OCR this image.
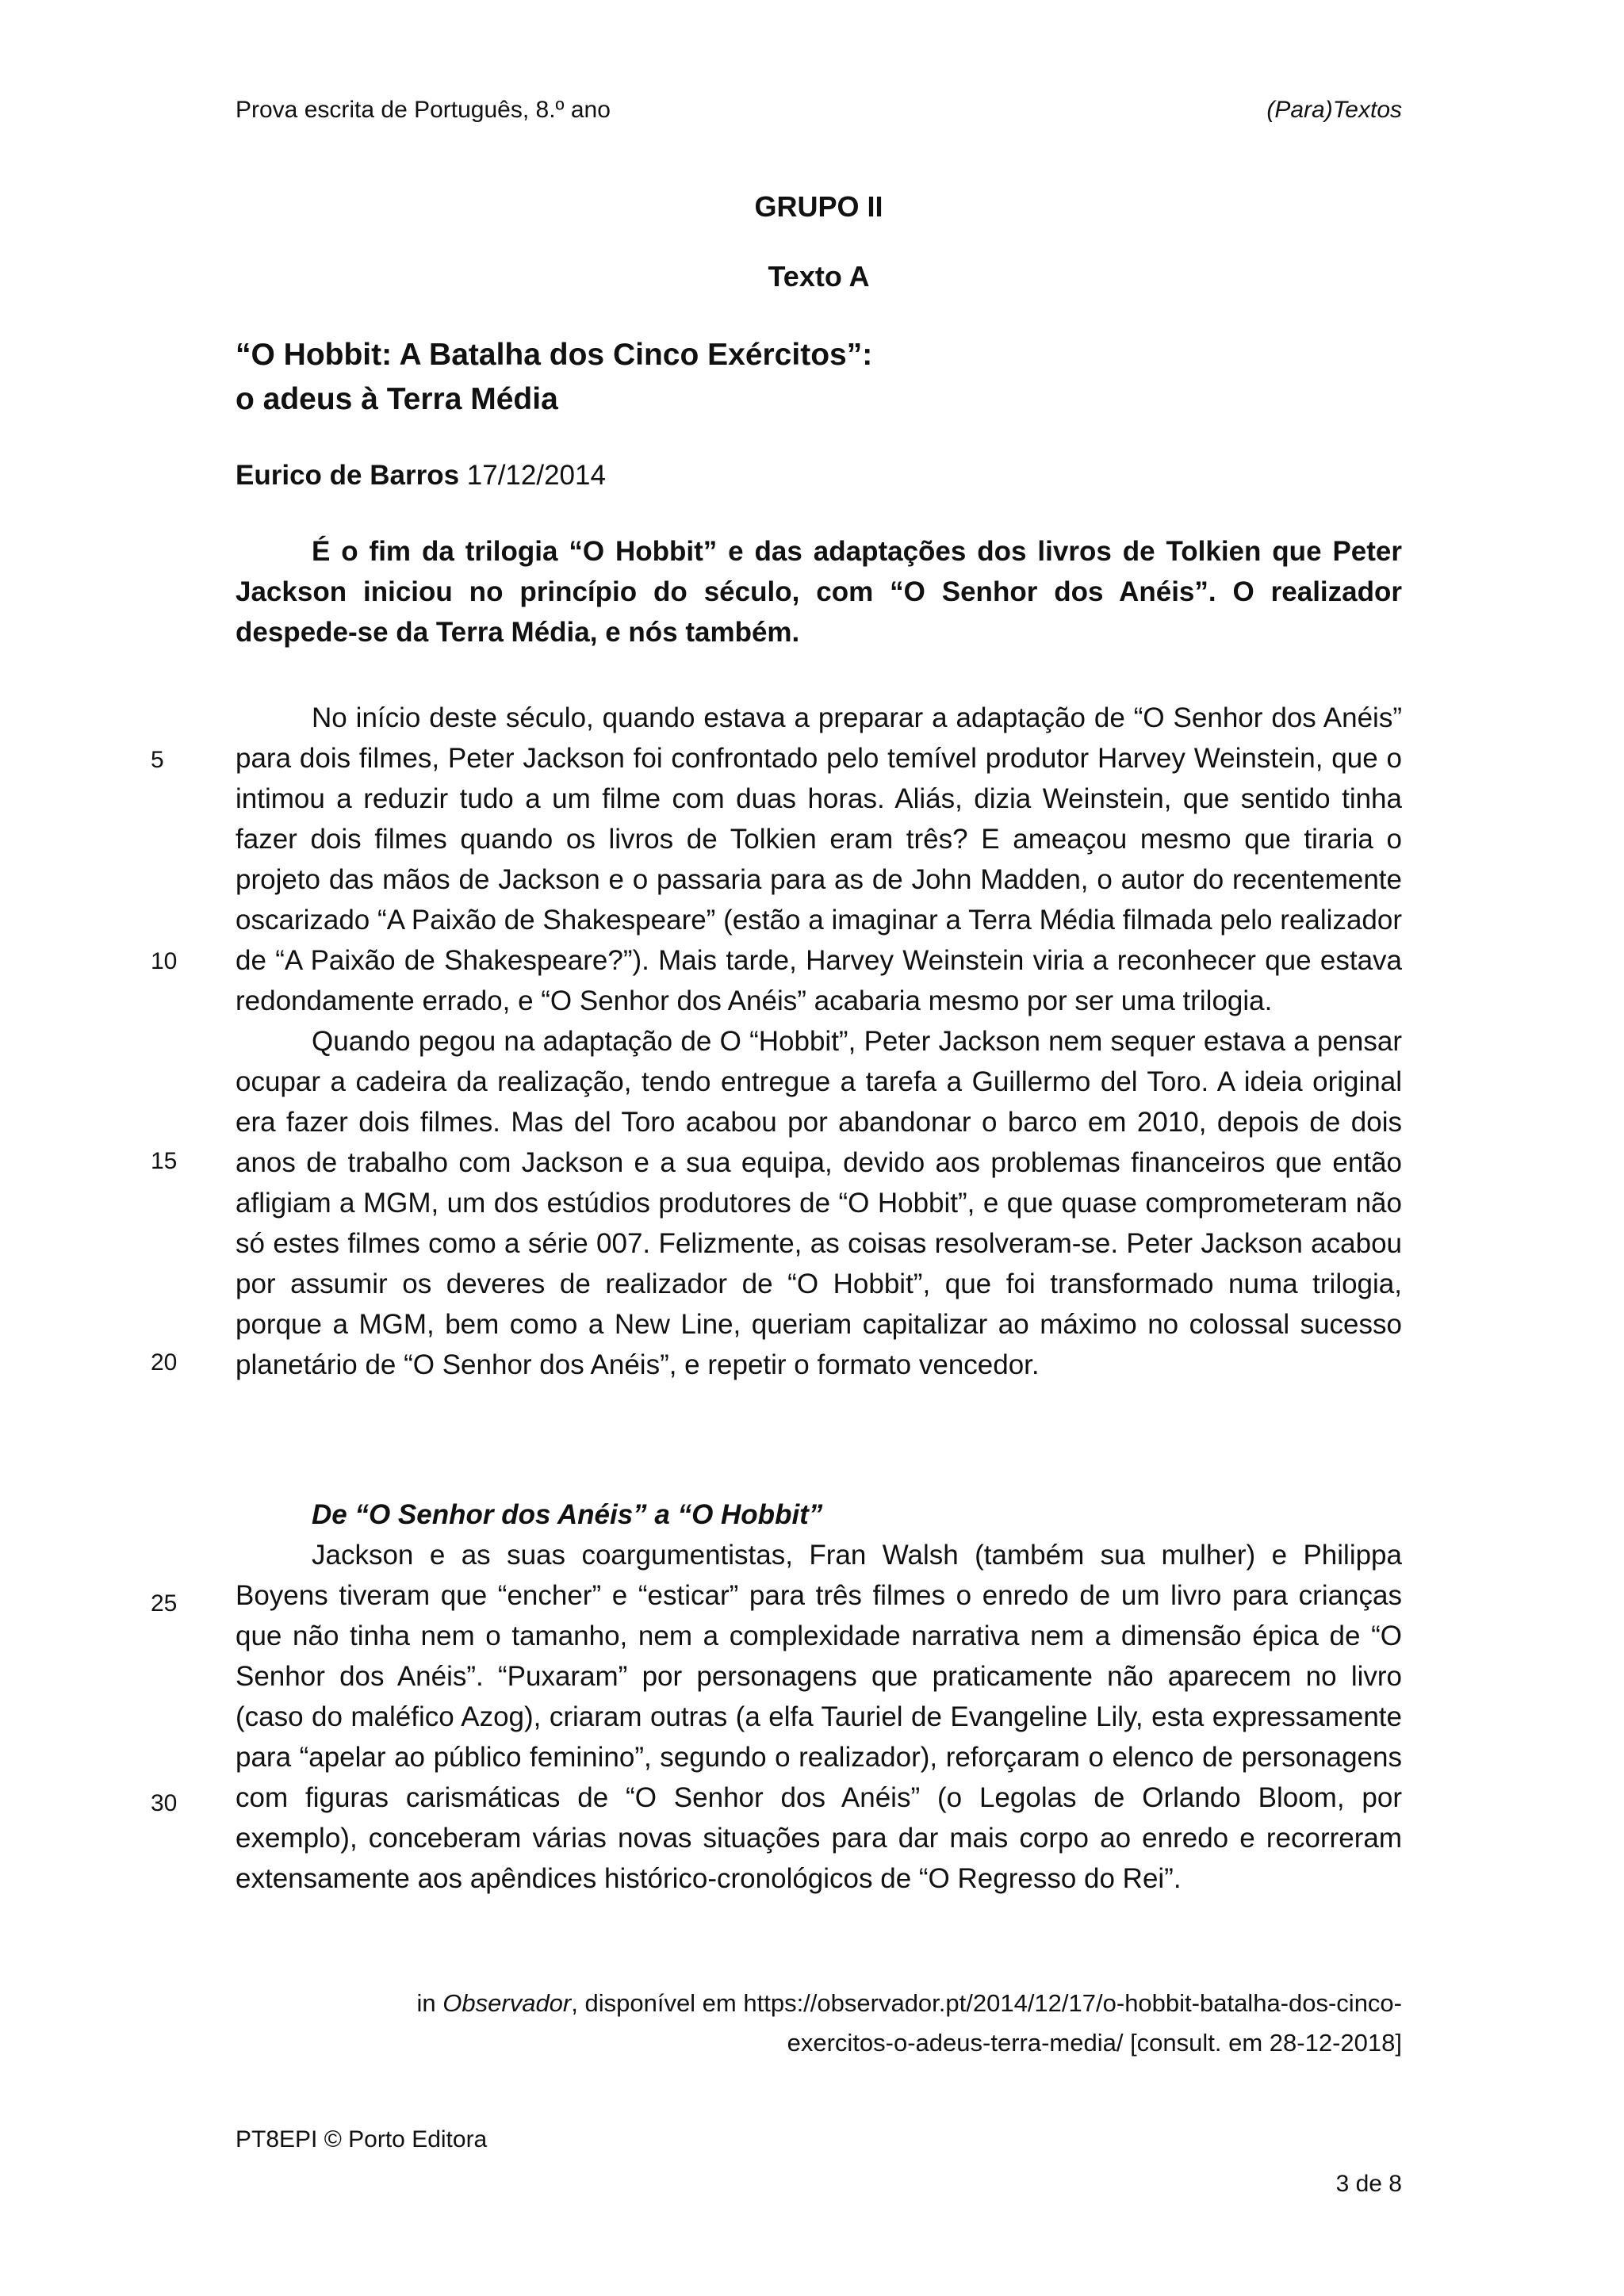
Prova escrita de Português, 8.º ano	(Para)Textos
GRUPO II
Texto A
“O Hobbit: A Batalha dos Cinco Exércitos”:
o adeus à Terra Média
Eurico de Barros 17/12/2014

É o fim da trilogia “O Hobbit” e das adaptações dos livros de Tolkien que Peter Jackson iniciou no princípio do século, com “O Senhor dos Anéis”. O realizador despede-se da Terra Média, e nós também.

No início deste século, quando estava a preparar a adaptação de “O Senhor dos Anéis” para dois filmes, Peter Jackson foi confrontado pelo temível produtor Harvey Weinstein, que o intimou a reduzir tudo a um filme com duas horas. Aliás, dizia Weinstein, que sentido tinha fazer dois filmes quando os livros de Tolkien eram três? E ameaçou mesmo que tiraria o projeto das mãos de Jackson e o passaria para as de John Madden, o autor do recentemente oscarizado “A Paixão de Shakespeare” (estão a imaginar a Terra Média filmada pelo realizador de “A Paixão de Shakespeare?”). Mais tarde, Harvey Weinstein viria a reconhecer que estava redondamente errado, e “O Senhor dos Anéis” acabaria mesmo por ser uma trilogia.

Quando pegou na adaptação de O “Hobbit”, Peter Jackson nem sequer estava a pensar ocupar a cadeira da realização, tendo entregue a tarefa a Guillermo del Toro. A ideia original era fazer dois filmes. Mas del Toro acabou por abandonar o barco em 2010, depois de dois anos de trabalho com Jackson e a sua equipa, devido aos problemas financeiros que então afligiam a MGM, um dos estúdios produtores de “O Hobbit”, e que quase comprometeram não só estes filmes como a série 007. Felizmente, as coisas resolveram-se. Peter Jackson acabou por assumir os deveres de realizador de “O Hobbit”, que foi transformado numa trilogia, porque a MGM, bem como a New Line, queriam capitalizar ao máximo no colossal sucesso planetário de “O Senhor dos Anéis”, e repetir o formato vencedor.

De “O Senhor dos Anéis” a “O Hobbit”

Jackson e as suas coargumentistas, Fran Walsh (também sua mulher) e Philippa Boyens tiveram que “encher” e “esticar” para três filmes o enredo de um livro para crianças que não tinha nem o tamanho, nem a complexidade narrativa nem a dimensão épica de “O Senhor dos Anéis”. “Puxaram” por personagens que praticamente não aparecem no livro (caso do maléfico Azog), criaram outras (a elfa Tauriel de Evangeline Lily, esta expressamente para “apelar ao público feminino”, segundo o realizador), reforçaram o elenco de personagens com figuras carismáticas de “O Senhor dos Anéis” (o Legolas de Orlando Bloom, por exemplo), conceberam várias novas situações para dar mais corpo ao enredo e recorreram extensamente aos apêndices histórico-cronológicos de “O Regresso do Rei”.

5
10
15
20
25
30
in Observador, disponível em https://observador.pt/2014/12/17/o-hobbit-batalha-dos-cinco-
exercitos-o-adeus-terra-media/ [consult. em 28-12-2018]
PT8EPI © Porto Editora
3 de 8
